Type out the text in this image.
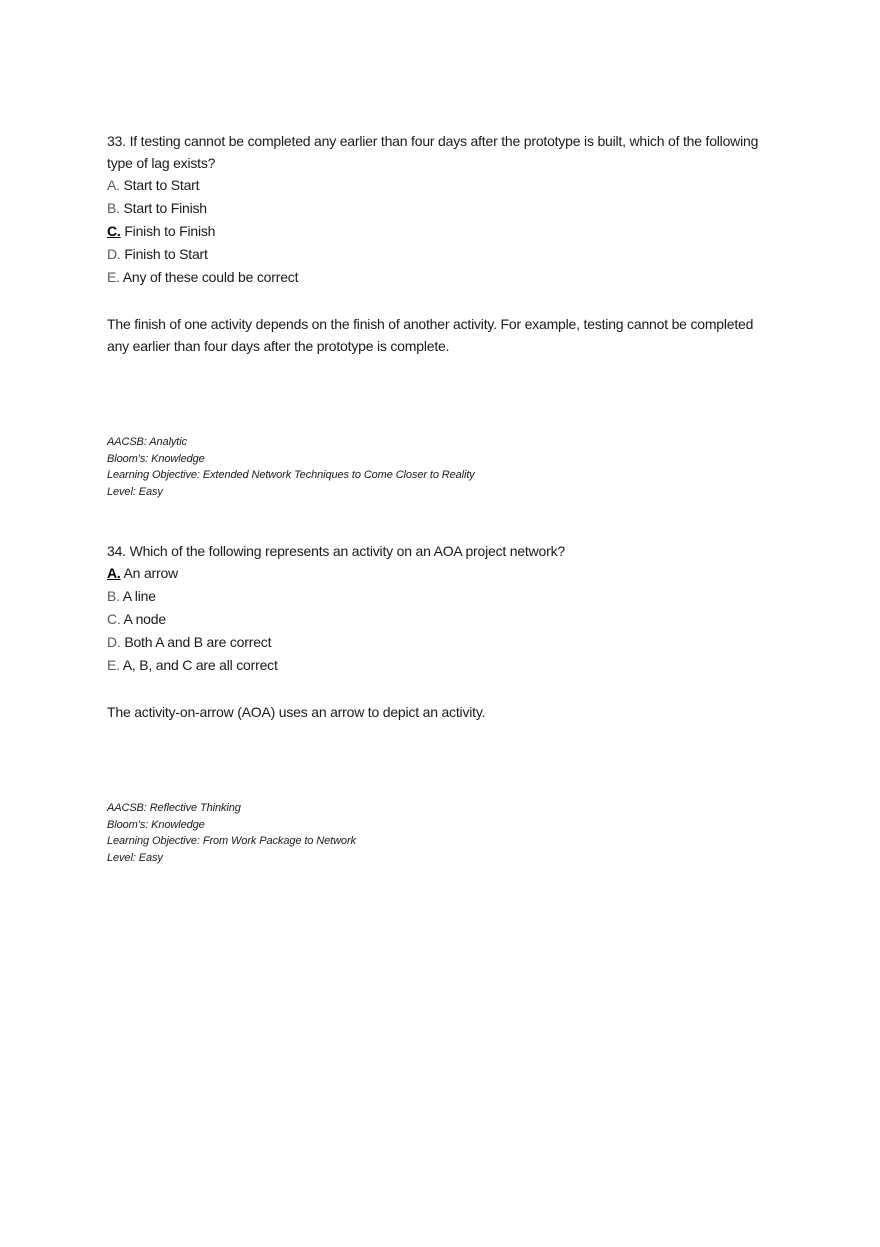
33. If testing cannot be completed any earlier than four days after the prototype is built, which of the following type of lag exists?

A. Start to Start
B. Start to Finish
C. Finish to Finish
D. Finish to Start
E. Any of these could be correct

The finish of one activity depends on the finish of another activity. For example, testing cannot be completed any earlier than four days after the prototype is complete.

AACSB: Analytic
Bloom’s: Knowledge
Learning Objective: Extended Network Techniques to Come Closer to Reality
Level: Easy

34. Which of the following represents an activity on an AOA project network?

A. An arrow
B. A line
C. A node
D. Both A and B are correct
E. A, B, and C are all correct

The activity-on-arrow (AOA) uses an arrow to depict an activity.

AACSB: Reflective Thinking
Bloom’s: Knowledge
Learning Objective: From Work Package to Network
Level: Easy
